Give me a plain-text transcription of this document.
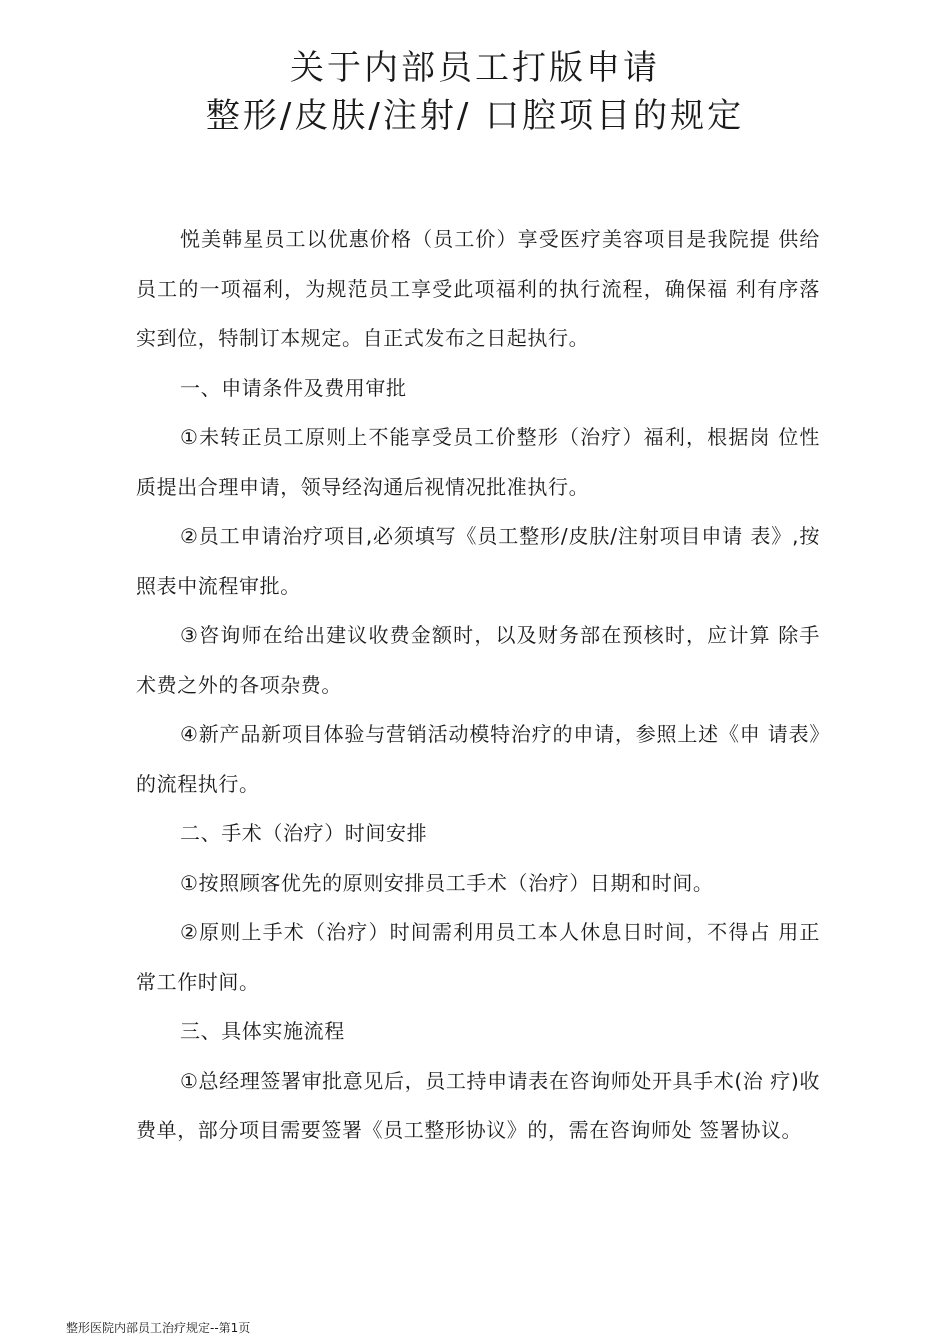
关于内部员工打版申请
整形/皮肤/注射/ 口腔项目的规定

悦美韩星员工以优惠价格（员工价）享受医疗美容项目是我院提 供给员工的一项福利，为规范员工享受此项福利的执行流程，确保福 利有序落实到位，特制订本规定。自正式发布之日起执行。

一、申请条件及费用审批

①未转正员工原则上不能享受员工价整形（治疗）福利，根据岗 位性质提出合理申请，领导经沟通后视情况批准执行。

②员工申请治疗项目,必须填写《员工整形/皮肤/注射项目申请 表》,按照表中流程审批。

③咨询师在给出建议收费金额时，以及财务部在预核时，应计算 除手术费之外的各项杂费。

④新产品新项目体验与营销活动模特治疗的申请，参照上述《申 请表》的流程执行。

二、手术（治疗）时间安排

①按照顾客优先的原则安排员工手术（治疗）日期和时间。

②原则上手术（治疗）时间需利用员工本人休息日时间，不得占 用正常工作时间。

三、具体实施流程

①总经理签署审批意见后，员工持申请表在咨询师处开具手术(治 疗)收费单，部分项目需要签署《员工整形协议》的，需在咨询师处 签署协议。

整形医院内部员工治疗规定--第1页
